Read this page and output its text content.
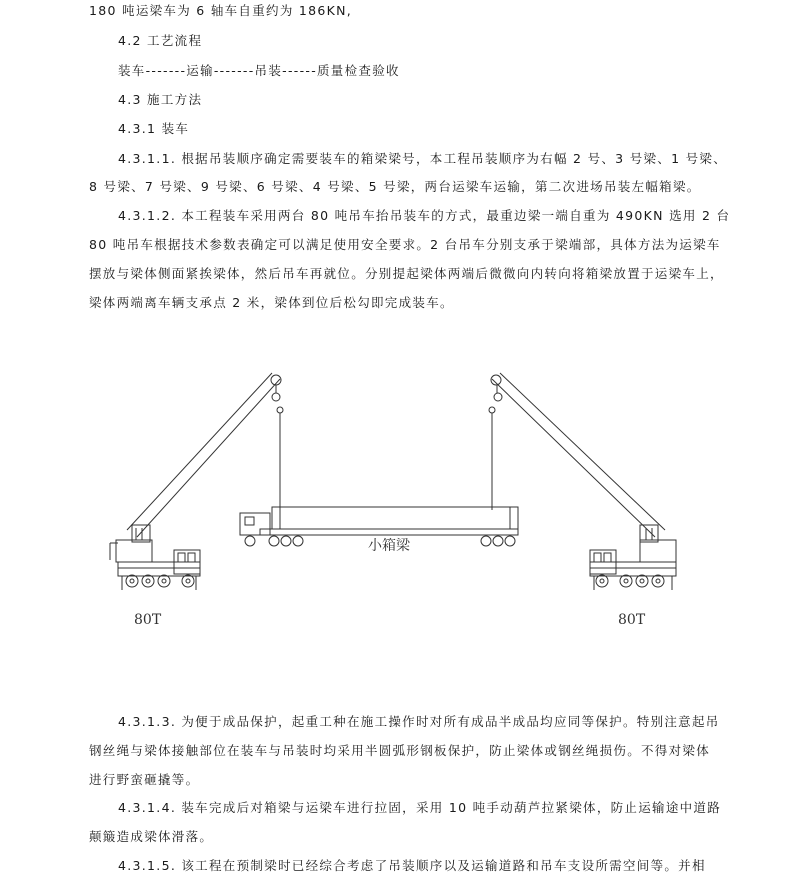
180 吨运梁车为 6 轴车自重约为 186KN,
4.2 工艺流程
装车-------运输-------吊装------质量检查验收
4.3 施工方法
4.3.1 装车
4.3.1.1. 根据吊装顺序确定需要装车的箱梁梁号，本工程吊装顺序为右幅 2 号、3 号梁、1 号梁、
8 号梁、7 号梁、9 号梁、6 号梁、4 号梁、5 号梁，两台运梁车运输，第二次进场吊装左幅箱梁。
4.3.1.2. 本工程装车采用两台 80 吨吊车抬吊装车的方式，最重边梁一端自重为 490KN 选用 2 台
80 吨吊车根据技术参数表确定可以满足使用安全要求。2 台吊车分别支承于梁端部，具体方法为运梁车
摆放与梁体侧面紧挨梁体，然后吊车再就位。分别提起梁体两端后微微向内转向将箱梁放置于运梁车上，
梁体两端离车辆支承点 2 米，梁体到位后松勾即完成装车。
小箱梁
80T	80T
4.3.1.3. 为便于成品保护，起重工种在施工操作时对所有成品半成品均应同等保护。特别注意起吊
钢丝绳与梁体接触部位在装车与吊装时均采用半圆弧形钢板保护，防止梁体或钢丝绳损伤。不得对梁体
进行野蛮砸撬等。
4.3.1.4. 装车完成后对箱梁与运梁车进行拉固，采用 10 吨手动葫芦拉紧梁体，防止运输途中道路
颠簸造成梁体滑落。
4.3.1.5. 该工程在预制梁时已经综合考虑了吊装顺序以及运输道路和吊车支设所需空间等。并相
